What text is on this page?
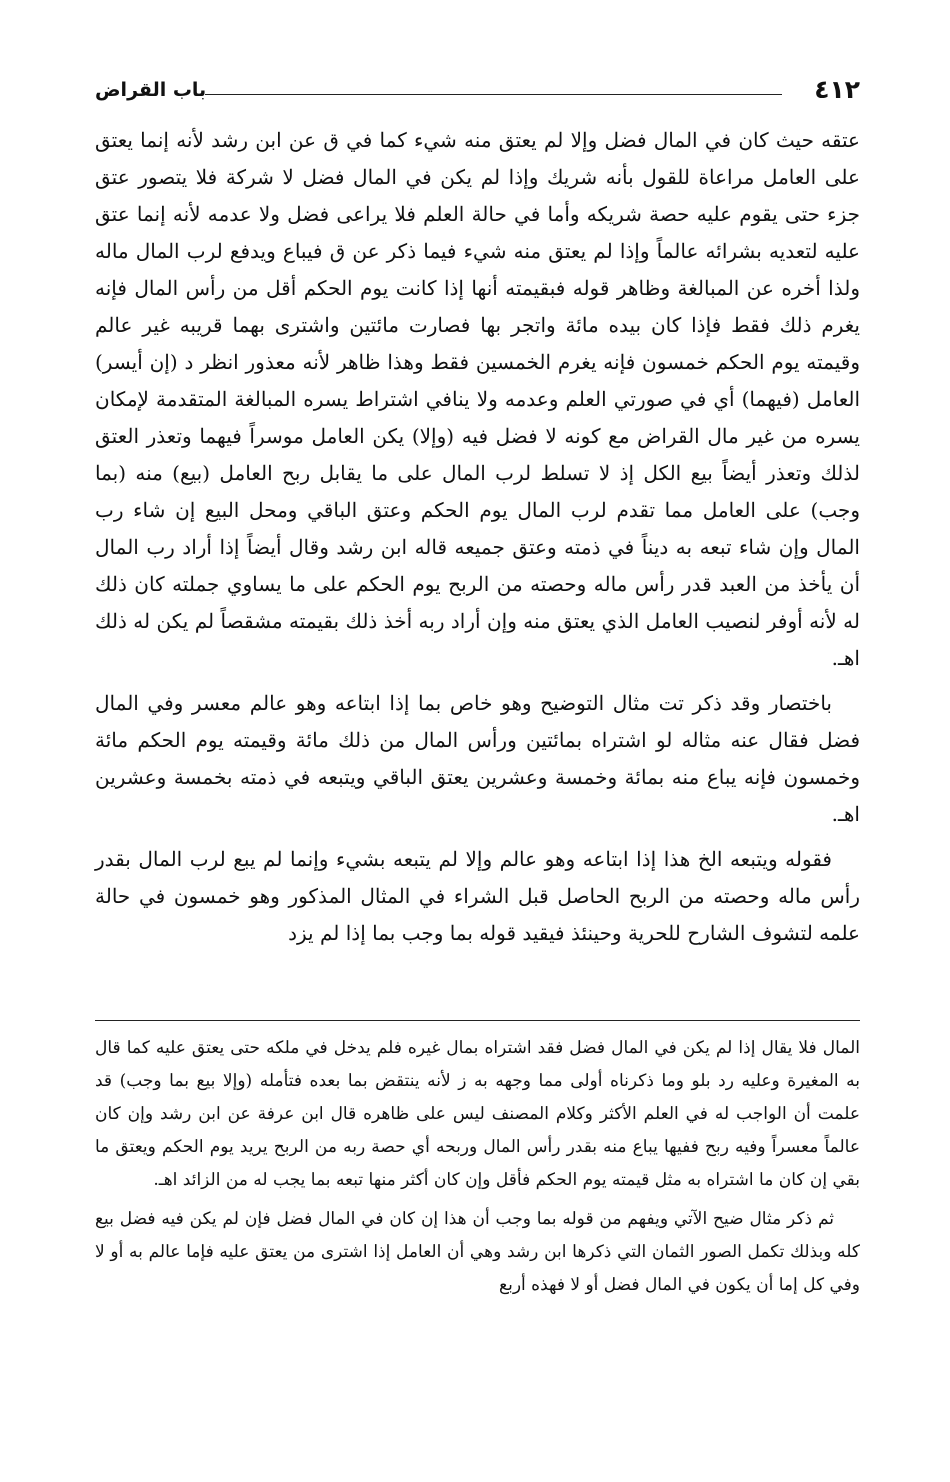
٤١٢
باب القراض

عتقه حيث كان في المال فضل وإلا لم يعتق منه شيء كما في ق عن ابن رشد لأنه إنما يعتق على العامل مراعاة للقول بأنه شريك وإذا لم يكن في المال فضل لا شركة فلا يتصور عتق جزء حتى يقوم عليه حصة شريكه وأما في حالة العلم فلا يراعى فضل ولا عدمه لأنه إنما عتق عليه لتعديه بشرائه عالماً وإذا لم يعتق منه شيء فيما ذكر عن ق فيباع ويدفع لرب المال ماله ولذا أخره عن المبالغة وظاهر قوله فبقيمته أنها إذا كانت يوم الحكم أقل من رأس المال فإنه يغرم ذلك فقط فإذا كان بيده مائة واتجر بها فصارت مائتين واشترى بهما قريبه غير عالم وقيمته يوم الحكم خمسون فإنه يغرم الخمسين فقط وهذا ظاهر لأنه معذور انظر د (إن أيسر) العامل (فيهما) أي في صورتي العلم وعدمه ولا ينافي اشتراط يسره المبالغة المتقدمة لإمكان يسره من غير مال القراض مع كونه لا فضل فيه (وإلا) يكن العامل موسراً فيهما وتعذر العتق لذلك وتعذر أيضاً بيع الكل إذ لا تسلط لرب المال على ما يقابل ربح العامل (بيع) منه (بما وجب) على العامل مما تقدم لرب المال يوم الحكم وعتق الباقي ومحل البيع إن شاء رب المال وإن شاء تبعه به ديناً في ذمته وعتق جميعه قاله ابن رشد وقال أيضاً إذا أراد رب المال أن يأخذ من العبد قدر رأس ماله وحصته من الربح يوم الحكم على ما يساوي جملته كان ذلك له لأنه أوفر لنصيب العامل الذي يعتق منه وإن أراد ربه أخذ ذلك بقيمته مشقصاً لم يكن له ذلك اهـ.

باختصار وقد ذكر تت مثال التوضيح وهو خاص بما إذا ابتاعه وهو عالم معسر وفي المال فضل فقال عنه مثاله لو اشتراه بمائتين ورأس المال من ذلك مائة وقيمته يوم الحكم مائة وخمسون فإنه يباع منه بمائة وخمسة وعشرين يعتق الباقي ويتبعه في ذمته بخمسة وعشرين اهـ.

فقوله ويتبعه الخ هذا إذا ابتاعه وهو عالم وإلا لم يتبعه بشيء وإنما لم يبع لرب المال بقدر رأس ماله وحصته من الربح الحاصل قبل الشراء في المثال المذكور وهو خمسون في حالة علمه لتشوف الشارح للحرية وحينئذ فيقيد قوله بما وجب بما إذا لم يزد

المال فلا يقال إذا لم يكن في المال فضل فقد اشتراه بمال غيره فلم يدخل في ملكه حتى يعتق عليه كما قال به المغيرة وعليه رد بلو وما ذكرناه أولى مما وجهه به ز لأنه ينتقض بما بعده فتأمله (وإلا بيع بما وجب) قد علمت أن الواجب له في العلم الأكثر وكلام المصنف ليس على ظاهره قال ابن عرفة عن ابن رشد وإن كان عالماً معسراً وفيه ربح ففيها يباع منه بقدر رأس المال وربحه أي حصة ربه من الربح يريد يوم الحكم ويعتق ما بقي إن كان ما اشتراه به مثل قيمته يوم الحكم فأقل وإن كان أكثر منها تبعه بما يجب له من الزائد اهـ.

ثم ذكر مثال ضيح الآتي ويفهم من قوله بما وجب أن هذا إن كان في المال فضل فإن لم يكن فيه فضل بيع كله وبذلك تكمل الصور الثمان التي ذكرها ابن رشد وهي أن العامل إذا اشترى من يعتق عليه فإما عالم به أو لا وفي كل إما أن يكون في المال فضل أو لا فهذه أربع
